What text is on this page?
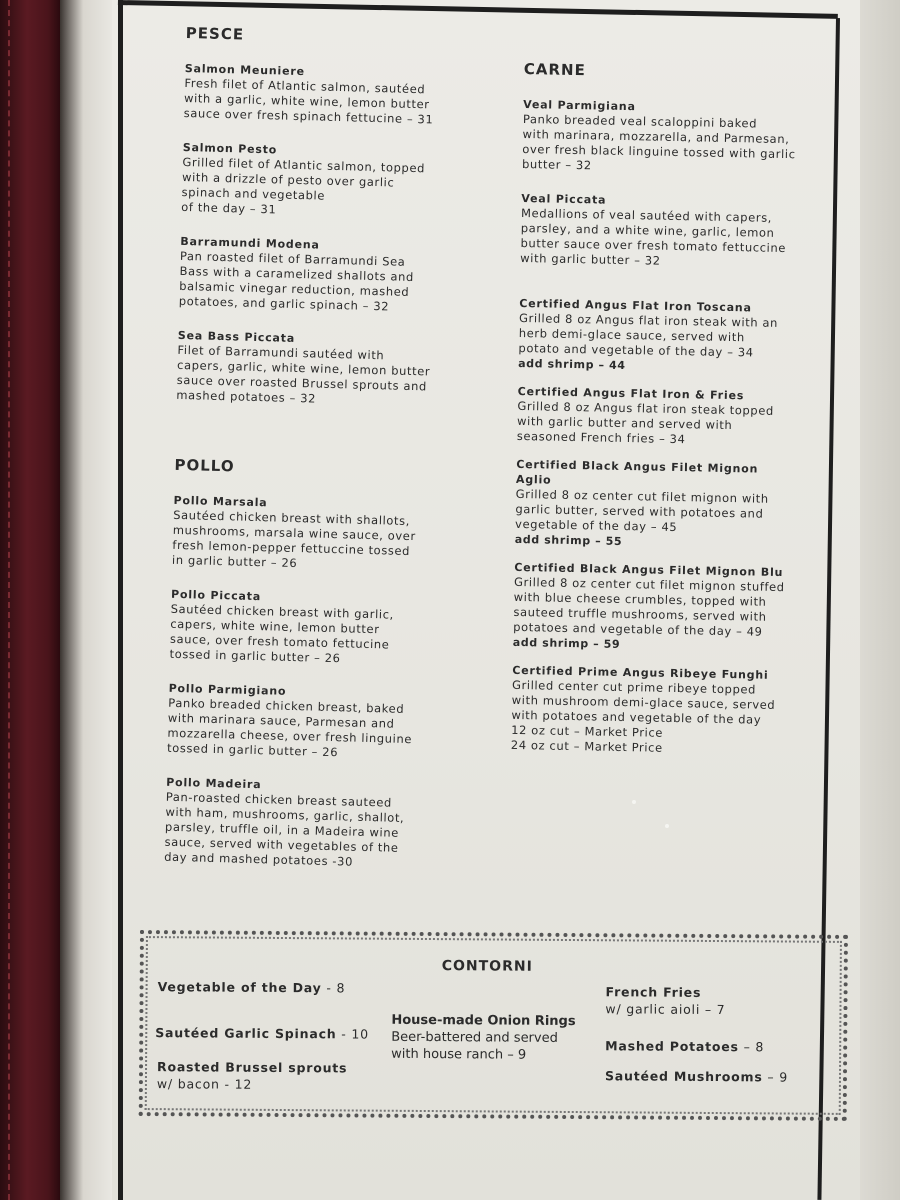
PESCE
Salmon Meuniere
Fresh filet of Atlantic salmon, sautéed
with a garlic, white wine, lemon butter
sauce over fresh spinach fettucine – 31
Salmon Pesto
Grilled filet of Atlantic salmon, topped
with a drizzle of pesto over garlic
spinach and vegetable
of the day – 31
Barramundi Modena
Pan roasted filet of Barramundi Sea
Bass with a caramelized shallots and
balsamic vinegar reduction, mashed
potatoes, and garlic spinach – 32
Sea Bass Piccata
Filet of Barramundi sautéed with
capers, garlic, white wine, lemon butter
sauce over roasted Brussel sprouts and
mashed potatoes – 32
POLLO
Pollo Marsala
Sautéed chicken breast with shallots,
mushrooms, marsala wine sauce, over
fresh lemon-pepper fettuccine tossed
in garlic butter – 26
Pollo Piccata
Sautéed chicken breast with garlic,
capers, white wine, lemon butter
sauce, over fresh tomato fettucine
tossed in garlic butter – 26
Pollo Parmigiano
Panko breaded chicken breast, baked
with marinara sauce, Parmesan and
mozzarella cheese, over fresh linguine
tossed in garlic butter – 26
Pollo Madeira
Pan-roasted chicken breast sauteed
with ham, mushrooms, garlic, shallot,
parsley, truffle oil, in a Madeira wine
sauce, served with vegetables of the
day and mashed potatoes -30
CARNE
Veal Parmigiana
Panko breaded veal scaloppini baked
with marinara, mozzarella, and Parmesan,
over fresh black linguine tossed with garlic
butter – 32
Veal Piccata
Medallions of veal sautéed with capers,
parsley, and a white wine, garlic, lemon
butter sauce over fresh tomato fettuccine
with garlic butter – 32
Certified Angus Flat Iron Toscana
Grilled 8 oz Angus flat iron steak with an
herb demi-glace sauce, served with
potato and vegetable of the day – 34
add shrimp – 44
Certified Angus Flat Iron & Fries
Grilled 8 oz Angus flat iron steak topped
with garlic butter and served with
seasoned French fries – 34
Certified Black Angus Filet Mignon Aglio
Grilled 8 oz center cut filet mignon with
garlic butter, served with potatoes and
vegetable of the day – 45
add shrimp – 55
Certified Black Angus Filet Mignon Blu
Grilled 8 oz center cut filet mignon stuffed
with blue cheese crumbles, topped with
sauteed truffle mushrooms, served with
potatoes and vegetable of the day – 49
add shrimp – 59
Certified Prime Angus Ribeye Funghi
Grilled center cut prime ribeye topped
with mushroom demi-glace sauce, served
with potatoes and vegetable of the day
12 oz cut – Market Price
24 oz cut – Market Price
CONTORNI
Vegetable of the Day - 8
Sautéed Garlic Spinach - 10
Roasted Brussel sprouts
w/ bacon - 12
House-made Onion Rings
Beer-battered and served
with house ranch – 9
French Fries
w/ garlic aioli – 7
Mashed Potatoes – 8
Sautéed Mushrooms – 9
